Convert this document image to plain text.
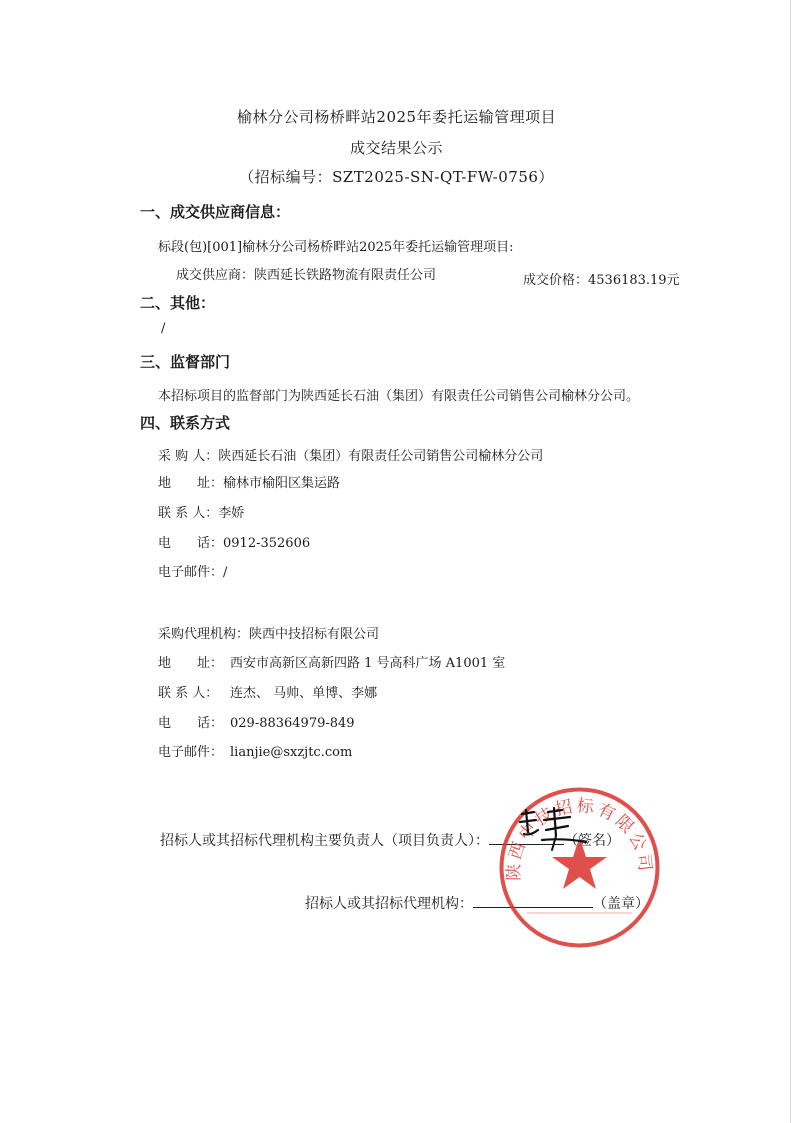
榆林分公司杨桥畔站2025年委托运输管理项目
成交结果公示
（招标编号：SZT2025-SN-QT-FW-0756）
一、成交供应商信息：
标段(包)[001]榆林分公司杨桥畔站2025年委托运输管理项目:
成交供应商：陕西延长铁路物流有限责任公司	成交价格：4536183.19元
二、其他：
/
三、监督部门
本招标项目的监督部门为陕西延长石油（集团）有限责任公司销售公司榆林分公司。
四、联系方式
采 购 人：陕西延长石油（集团）有限责任公司销售公司榆林分公司
地　　址：榆林市榆阳区集运路
联 系 人：李娇
电　　话：0912-352606
电子邮件：/
采购代理机构：陕西中技招标有限公司
地　　址： 西安市高新区高新四路 1 号高科广场 A1001 室
联 系 人： 连杰、 马帅、单博、李娜
电　　话： 029-88364979-849
电子邮件： lianjie@sxzjtc.com
招标人或其招标代理机构主要负责人（项目负责人）：	（签名）
招标人或其招标代理机构：	（盖章）
陕西中技招标有限公司
